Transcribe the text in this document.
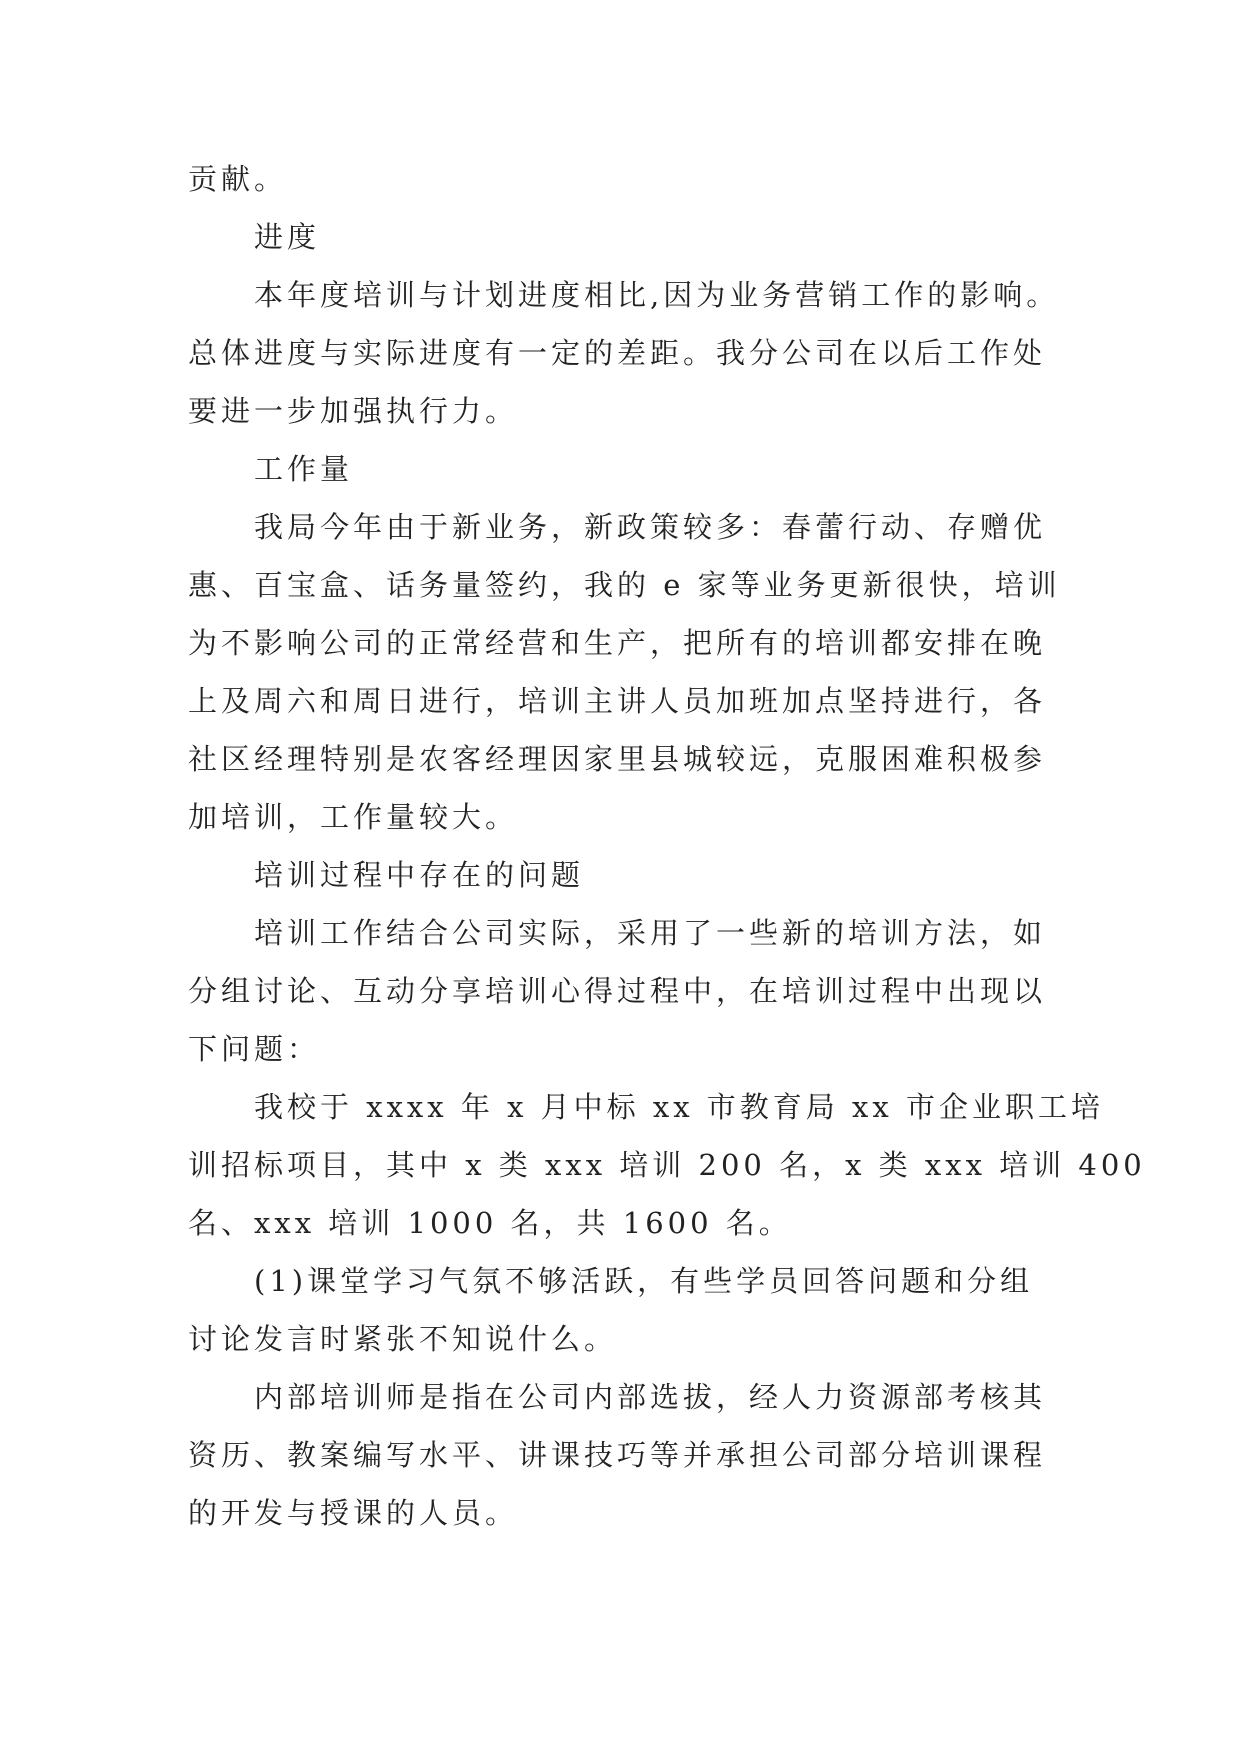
贡献。
进度
本年度培训与计划进度相比,因为业务营销工作的影响。
总体进度与实际进度有一定的差距。我分公司在以后工作处
要进一步加强执行力。
工作量
我局今年由于新业务，新政策较多：春蕾行动、存赠优
惠、百宝盒、话务量签约，我的 e 家等业务更新很快，培训
为不影响公司的正常经营和生产，把所有的培训都安排在晚
上及周六和周日进行，培训主讲人员加班加点坚持进行，各
社区经理特别是农客经理因家里县城较远，克服困难积极参
加培训，工作量较大。
培训过程中存在的问题
培训工作结合公司实际，采用了一些新的培训方法，如
分组讨论、互动分享培训心得过程中，在培训过程中出现以
下问题：
我校于 xxxx 年 x 月中标 xx 市教育局 xx 市企业职工培
训招标项目，其中 x 类 xxx 培训 200 名，x 类 xxx 培训 400
名、xxx 培训 1000 名，共 1600 名。
(1)课堂学习气氛不够活跃，有些学员回答问题和分组
讨论发言时紧张不知说什么。
内部培训师是指在公司内部选拔，经人力资源部考核其
资历、教案编写水平、讲课技巧等并承担公司部分培训课程
的开发与授课的人员。
